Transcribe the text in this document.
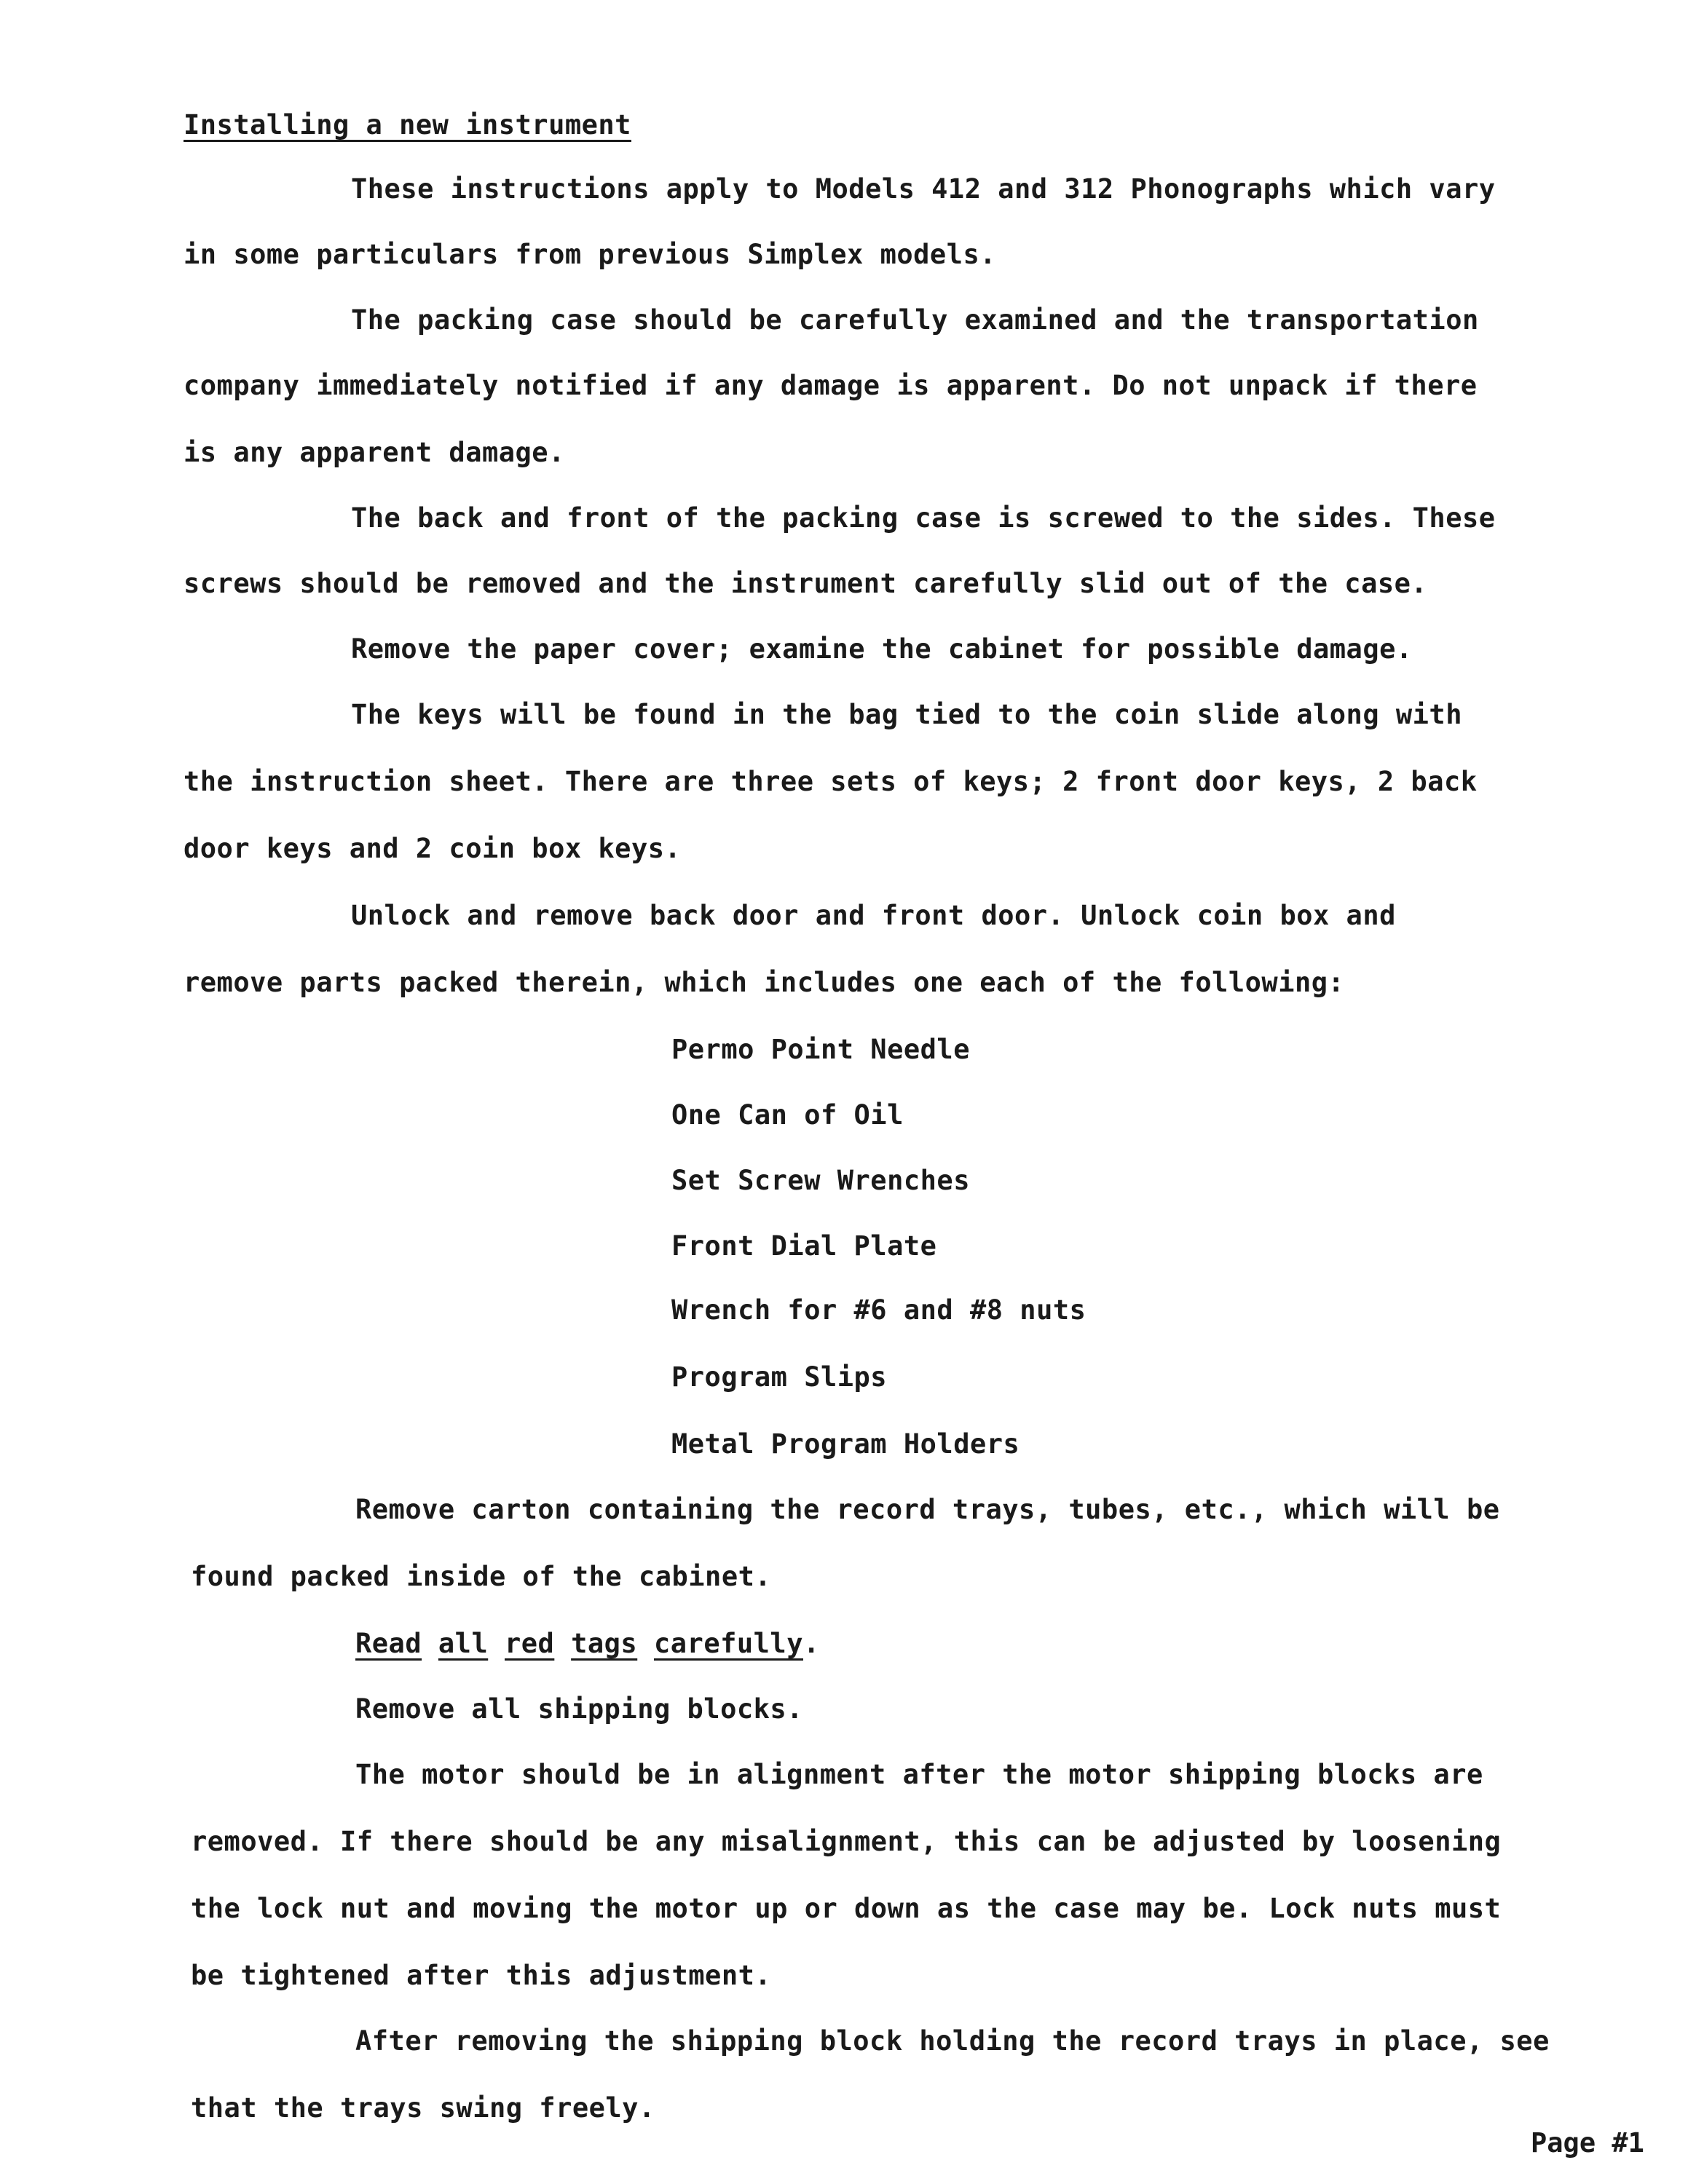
Installing a new instrument
These instructions apply to Models 412 and 312 Phonographs which vary
in some particulars from previous Simplex models.
The packing case should be carefully examined and the transportation
company immediately notified if any damage is apparent. Do not unpack if there
is any apparent damage.
The back and front of the packing case is screwed to the sides. These
screws should be removed and the instrument carefully slid out of the case.
Remove the paper cover; examine the cabinet for possible damage.
The keys will be found in the bag tied to the coin slide along with
the instruction sheet. There are three sets of keys; 2 front door keys, 2 back
door keys and 2 coin box keys.
Unlock and remove back door and front door. Unlock coin box and
remove parts packed therein, which includes one each of the following:
Permo Point Needle
One Can of Oil
Set Screw Wrenches
Front Dial Plate
Wrench for #6 and #8 nuts
Program Slips
Metal Program Holders
Remove carton containing the record trays, tubes, etc., which will be
found packed inside of the cabinet.
Read all red tags carefully.
Remove all shipping blocks.
The motor should be in alignment after the motor shipping blocks are
removed. If there should be any misalignment, this can be adjusted by loosening
the lock nut and moving the motor up or down as the case may be. Lock nuts must
be tightened after this adjustment.
After removing the shipping block holding the record trays in place, see
that the trays swing freely.
Page #1
